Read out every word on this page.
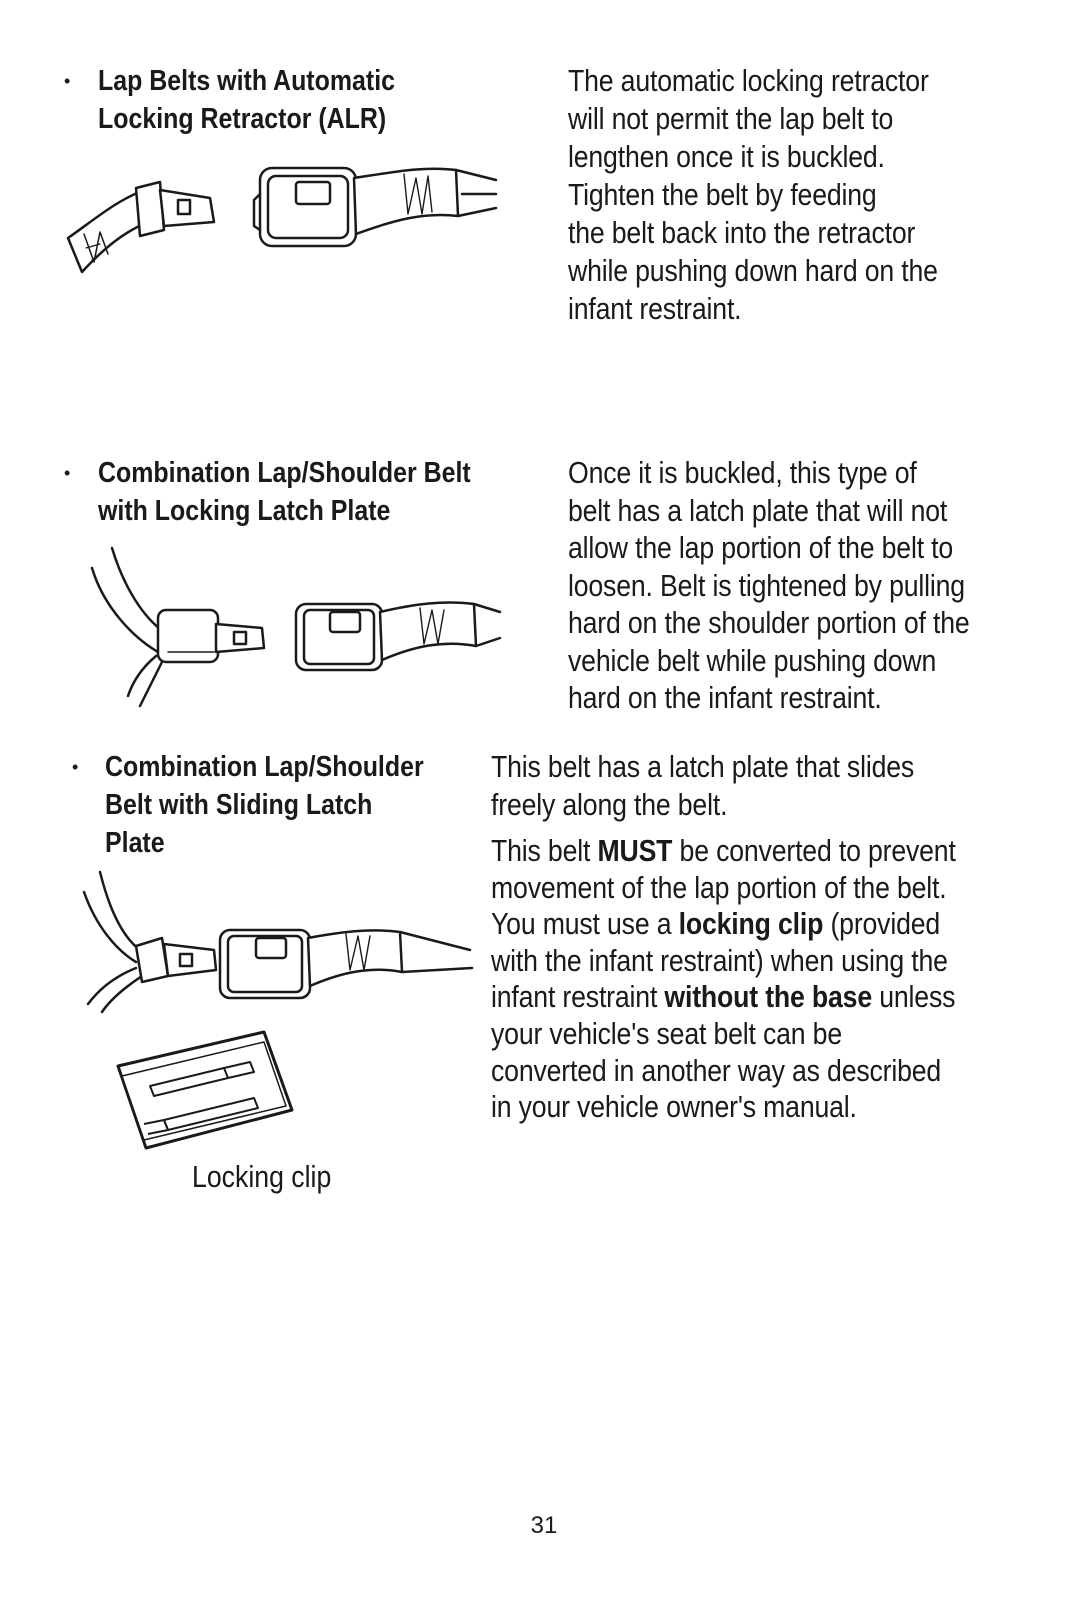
• Lap Belts with Automatic
Locking Retractor (ALR)
The automatic locking retractor
will not permit the lap belt to
lengthen once it is buckled.
Tighten the belt by feeding
the belt back into the retractor
while pushing down hard on the
infant restraint.
• Combination Lap/Shoulder Belt
with Locking Latch Plate
Once it is buckled, this type of
belt has a latch plate that will not
allow the lap portion of the belt to
loosen. Belt is tightened by pulling
hard on the shoulder portion of the
vehicle belt while pushing down
hard on the infant restraint.
• Combination Lap/Shoulder
Belt with Sliding Latch
Plate
This belt has a latch plate that slides
freely along the belt.
This belt MUST be converted to prevent
movement of the lap portion of the belt.
You must use a locking clip (provided
with the infant restraint) when using the
infant restraint without the base unless
your vehicle's seat belt can be
converted in another way as described
in your vehicle owner's manual.
Locking clip
31
